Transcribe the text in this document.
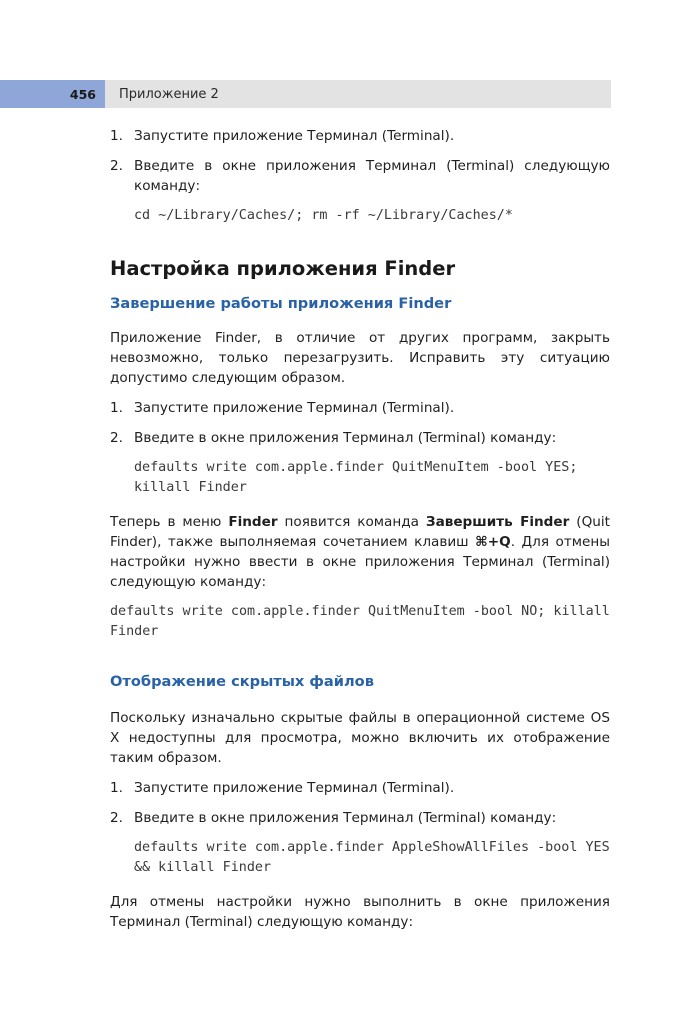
456	Приложение 2
1. Запустите приложение Терминал (Terminal).
2. Введите в окне приложения Терминал (Terminal) следующую команду:
cd ~/Library/Caches/; rm -rf ~/Library/Caches/*
Настройка приложения Finder
Завершение работы приложения Finder
Приложение Finder, в отличие от других программ, закрыть невозможно, только перезагрузить. Исправить эту ситуацию допустимо следующим образом.
1. Запустите приложение Терминал (Terminal).
2. Введите в окне приложения Терминал (Terminal) команду:
defaults write com.apple.finder QuitMenuItem -bool YES; killall Finder
Теперь в меню Finder появится команда Завершить Finder (Quit Finder), также выполняемая сочетанием клавиш ⌘+Q. Для отмены настройки нужно ввести в окне приложения Терминал (Terminal) следующую команду:
defaults write com.apple.finder QuitMenuItem -bool NO; killall Finder
Отображение скрытых файлов
Поскольку изначально скрытые файлы в операционной системе OS X недоступны для просмотра, можно включить их отображение таким образом.
1. Запустите приложение Терминал (Terminal).
2. Введите в окне приложения Терминал (Terminal) команду:
defaults write com.apple.finder AppleShowAllFiles -bool YES && killall Finder
Для отмены настройки нужно выполнить в окне приложения Терминал (Terminal) следующую команду:
